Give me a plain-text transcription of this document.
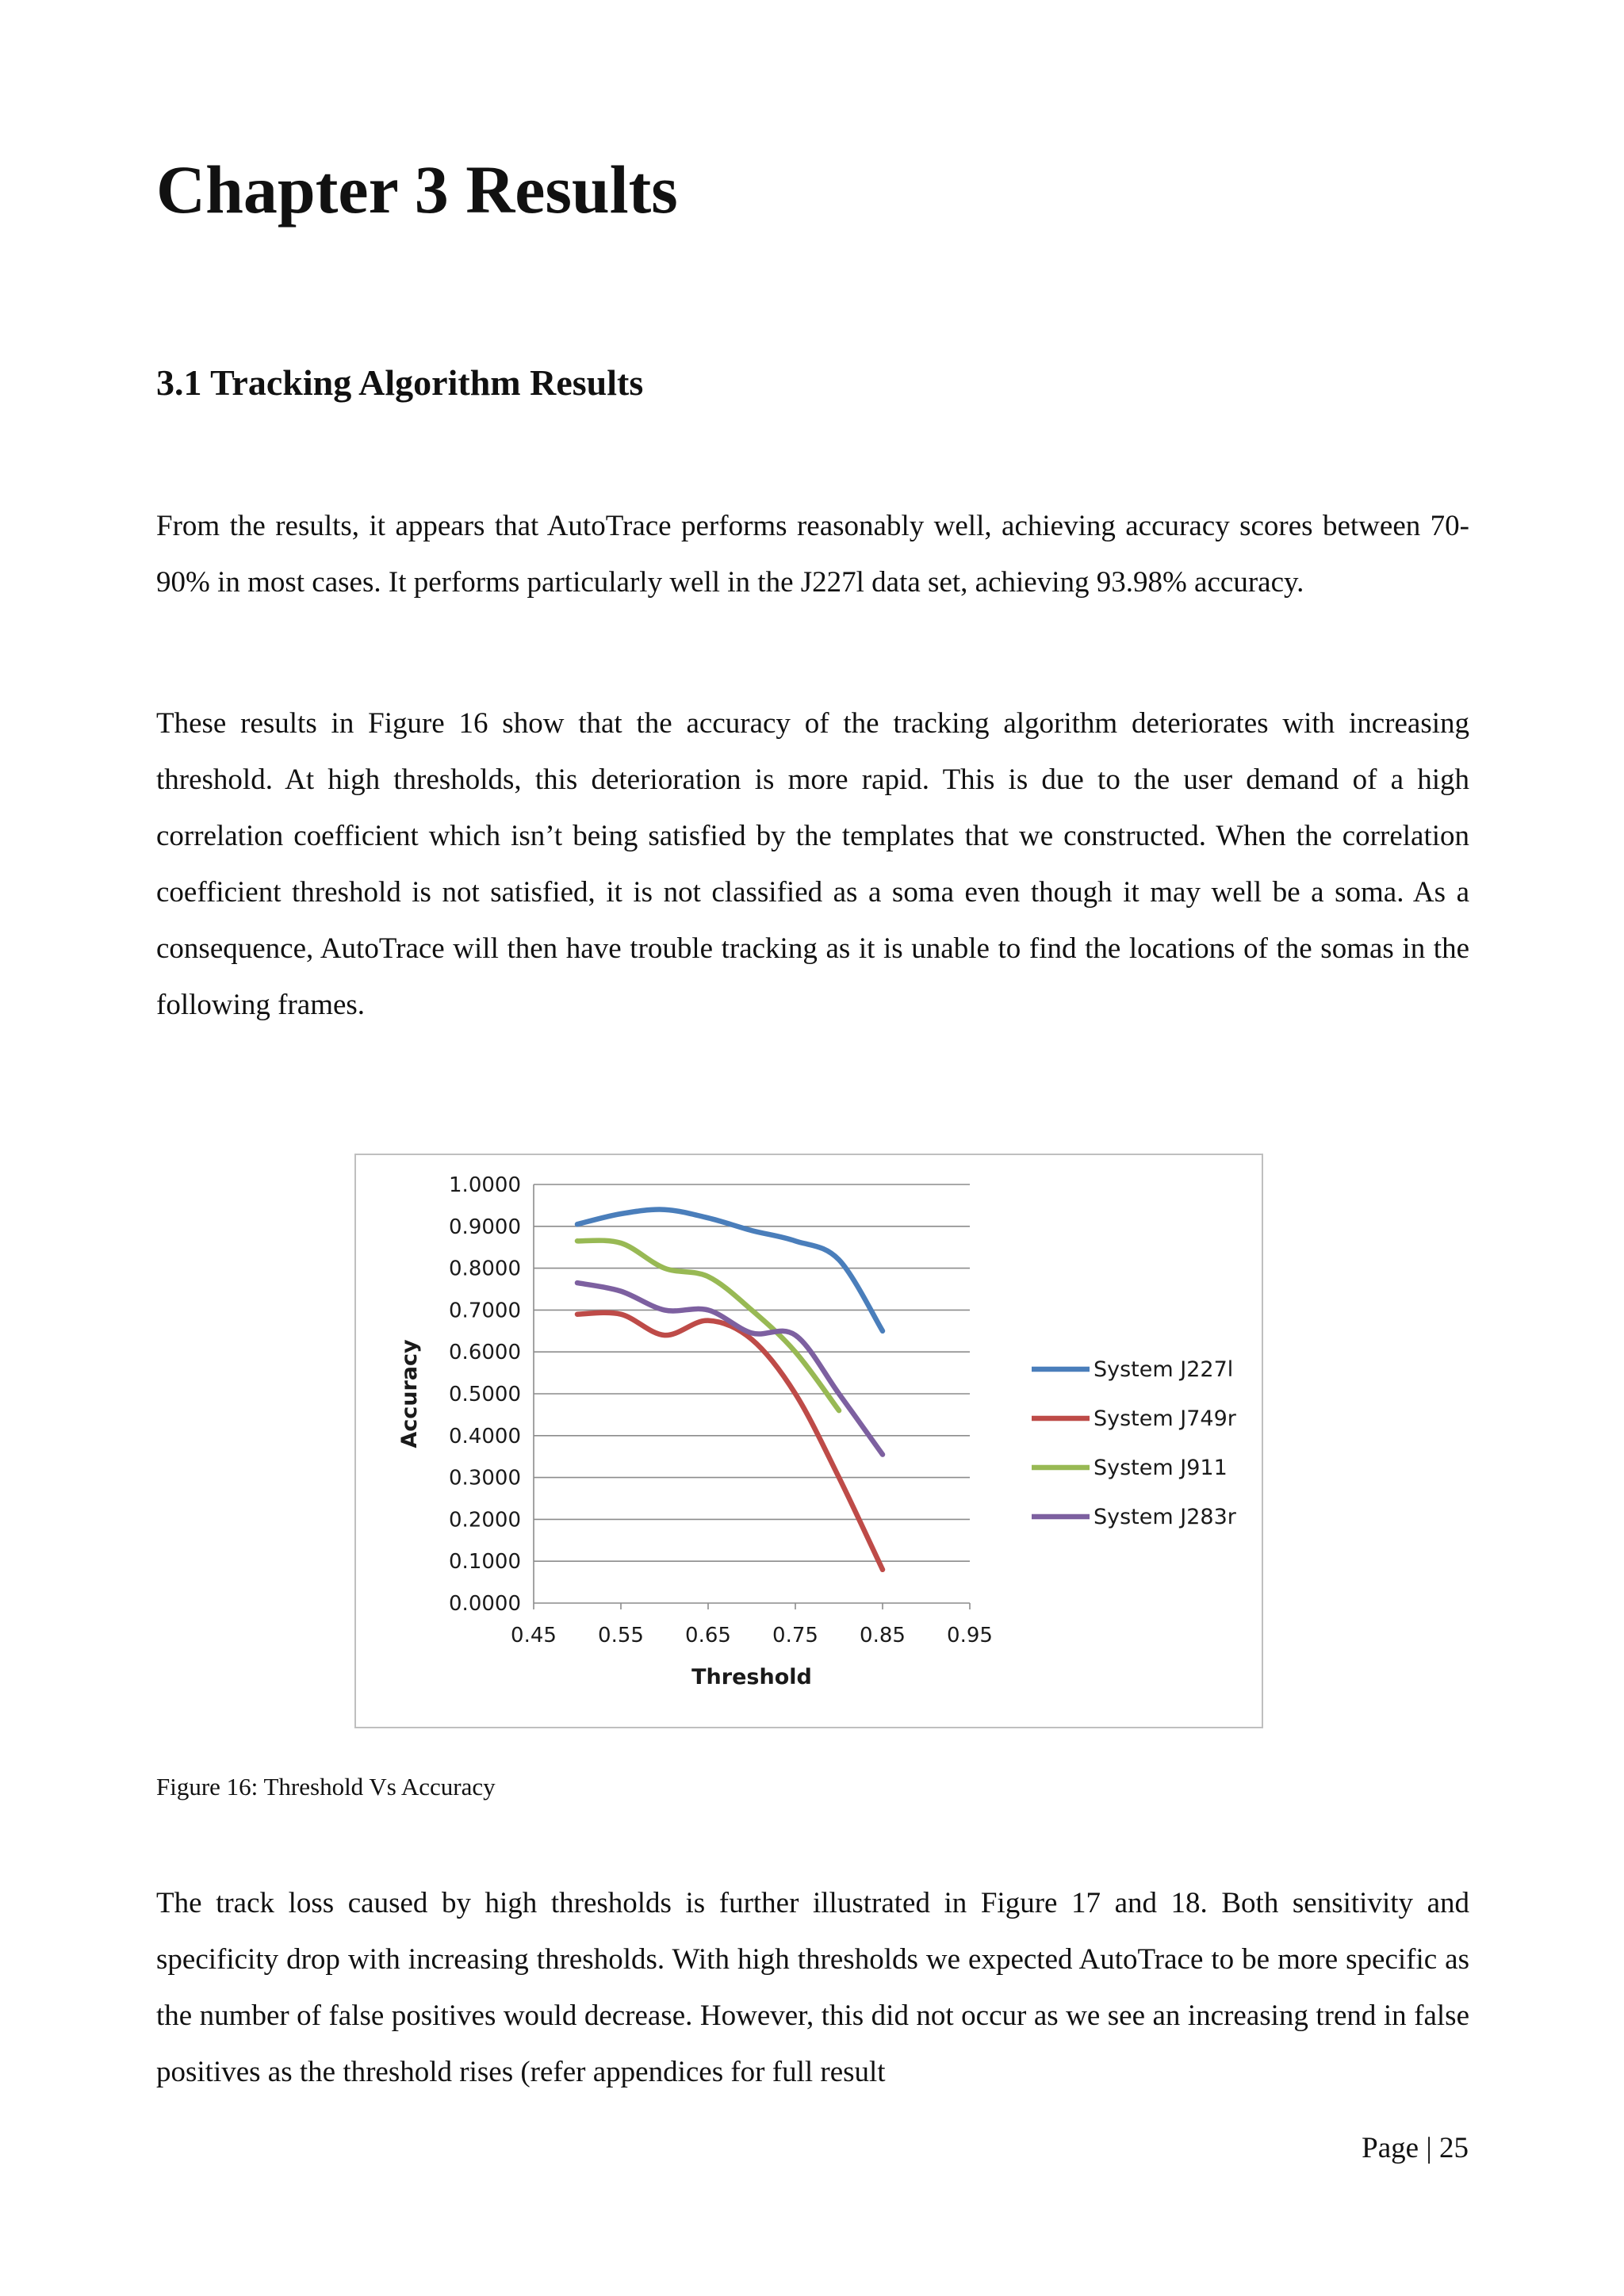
Chapter 3 Results
3.1 Tracking Algorithm Results

From the results, it appears that AutoTrace performs reasonably well, achieving accuracy scores between 70-90% in most cases. It performs particularly well in the J227l data set, achieving 93.98% accuracy.

These results in Figure 16 show that the accuracy of the tracking algorithm deteriorates with increasing threshold. At high thresholds, this deterioration is more rapid. This is due to the user demand of a high correlation coefficient which isn’t being satisfied by the templates that we constructed. When the correlation coefficient threshold is not satisfied, it is not classified as a soma even though it may well be a soma. As a consequence, AutoTrace will then have trouble tracking as it is unable to find the locations of the somas in the following frames.

0.0000
0.1000
0.2000
0.3000
0.4000
0.5000
0.6000
0.7000
0.8000
0.9000
1.0000
0.45 0.55 0.65 0.75 0.85 0.95
Threshold
Accuracy	System J227l
System J749r
System J911
System J283r

Figure 16: Threshold Vs Accuracy

Page | 25

The track loss caused by high thresholds is further illustrated in Figure 17 and 18. Both sensitivity and specificity drop with increasing thresholds. With high thresholds we expected AutoTrace to be more specific as the number of false positives would decrease. However, this did not occur as we see an increasing trend in false positives as the threshold rises (refer appendices for full result
